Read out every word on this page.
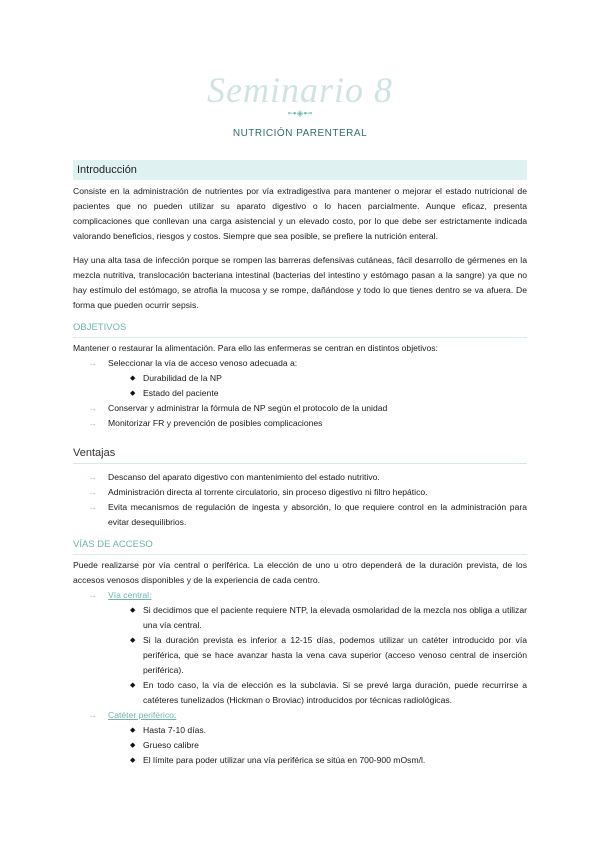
Seminario 8
⊶◈⊷
NUTRICIÓN PARENTERAL
Introducción

Consiste en la administración de nutrientes por vía extradigestiva para mantener o mejorar el estado nutricional de pacientes que no pueden utilizar su aparato digestivo o lo hacen parcialmente. Aunque eficaz, presenta complicaciones que conllevan una carga asistencial y un elevado costo, por lo que debe ser estrictamente indicada valorando beneficios, riesgos y costos. Siempre que sea posible, se prefiere la nutrición enteral.

Hay una alta tasa de infección porque se rompen las barreras defensivas cutáneas, fácil desarrollo de gérmenes en la mezcla nutritiva, translocación bacteriana intestinal (bacterias del intestino y estómago pasan a la sangre) ya que no hay estímulo del estómago, se atrofia la mucosa y se rompe, dañándose y todo lo que tienes dentro se va afuera. De forma que pueden ocurrir sepsis.

OBJETIVOS

Mantener o restaurar la alimentación. Para ello las enfermeras se centran en distintos objetivos:

→ Seleccionar la vía de acceso venoso adecuada a:
◆ Durabilidad de la NP
◆ Estado del paciente
→ Conservar y administrar la fórmula de NP según el protocolo de la unidad
→ Monitorizar FR y prevención de posibles complicaciones
Ventajas
→ Descanso del aparato digestivo con mantenimiento del estado nutritivo.
→ Administración directa al torrente circulatorio, sin proceso digestivo ni filtro hepático.
→ Evita mecanismos de regulación de ingesta y absorción, lo que requiere control en la administración para evitar desequilibrios.
VÍAS DE ACCESO

Puede realizarse por vía central o periférica. La elección de uno u otro dependerá de la duración prevista, de los accesos venosos disponibles y de la experiencia de cada centro.

→ Vía central:
◆ Si decidimos que el paciente requiere NTP, la elevada osmolaridad de la mezcla nos obliga a utilizar una vía central.
◆ Si la duración prevista es inferior a 12-15 días, podemos utilizar un catéter introducido por vía periférica, que se hace avanzar hasta la vena cava superior (acceso venoso central de inserción periférica).
◆ En todo caso, la vía de elección es la subclavia. Si se prevé larga duración, puede recurrirse a catéteres tunelizados (Hickman o Broviac) introducidos por técnicas radiológicas.
→ Catéter periférico:
◆ Hasta 7-10 días.
◆ Grueso calibre
◆ El límite para poder utilizar una vía periférica se sitúa en 700-900 mOsm/l.
